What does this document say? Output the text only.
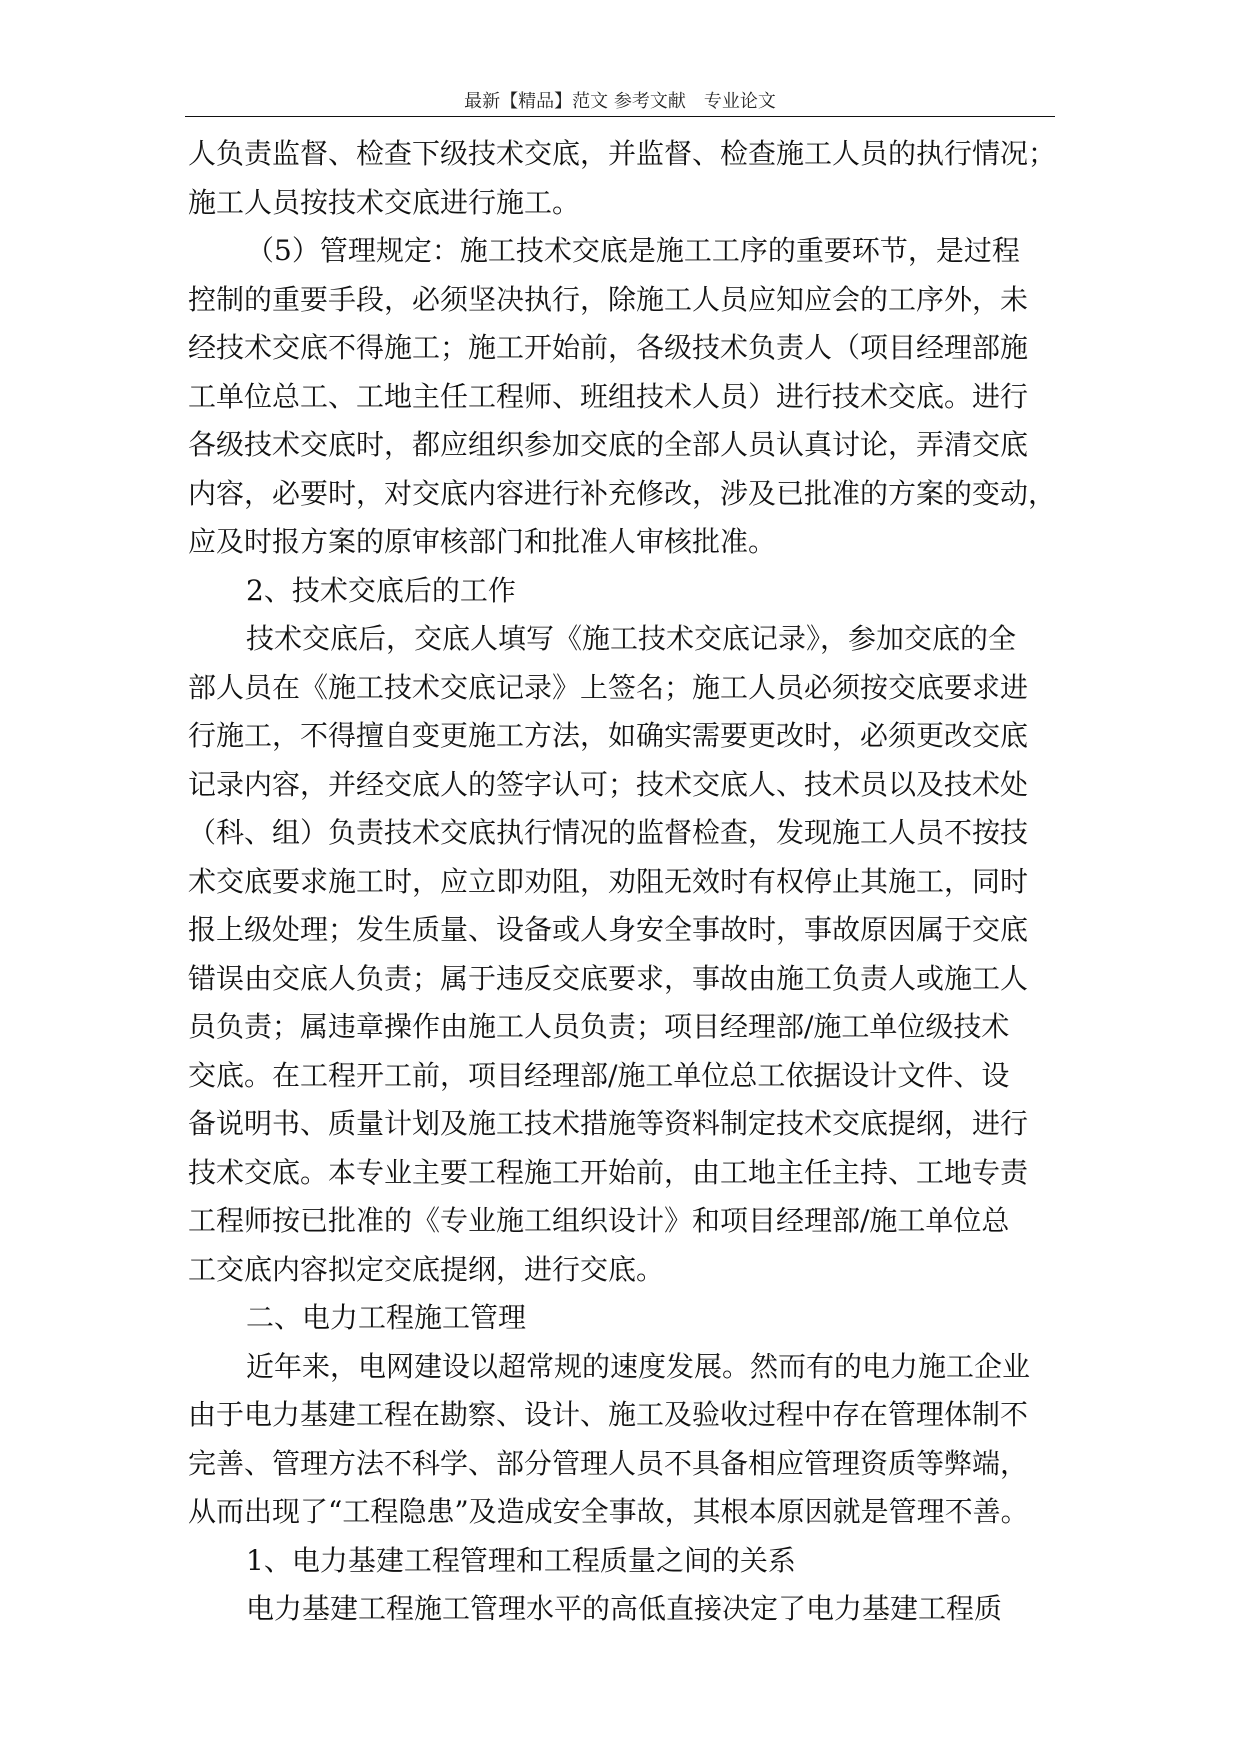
最新【精品】范文 参考文献　专业论文
人负责监督、检查下级技术交底，并监督、检查施工人员的执行情况；
施工人员按技术交底进行施工。
（5）管理规定：施工技术交底是施工工序的重要环节，是过程
控制的重要手段，必须坚决执行，除施工人员应知应会的工序外，未
经技术交底不得施工；施工开始前，各级技术负责人（项目经理部施
工单位总工、工地主任工程师、班组技术人员）进行技术交底。进行
各级技术交底时，都应组织参加交底的全部人员认真讨论，弄清交底
内容，必要时，对交底内容进行补充修改，涉及已批准的方案的变动，
应及时报方案的原审核部门和批准人审核批准。
2、技术交底后的工作
技术交底后，交底人填写《施工技术交底记录》，参加交底的全
部人员在《施工技术交底记录》上签名；施工人员必须按交底要求进
行施工，不得擅自变更施工方法，如确实需要更改时，必须更改交底
记录内容，并经交底人的签字认可；技术交底人、技术员以及技术处
（科、组）负责技术交底执行情况的监督检查，发现施工人员不按技
术交底要求施工时，应立即劝阻，劝阻无效时有权停止其施工，同时
报上级处理；发生质量、设备或人身安全事故时，事故原因属于交底
错误由交底人负责；属于违反交底要求，事故由施工负责人或施工人
员负责；属违章操作由施工人员负责；项目经理部/施工单位级技术
交底。在工程开工前，项目经理部/施工单位总工依据设计文件、设
备说明书、质量计划及施工技术措施等资料制定技术交底提纲，进行
技术交底。本专业主要工程施工开始前，由工地主任主持、工地专责
工程师按已批准的《专业施工组织设计》和项目经理部/施工单位总
工交底内容拟定交底提纲，进行交底。
二、电力工程施工管理
近年来，电网建设以超常规的速度发展。然而有的电力施工企业
由于电力基建工程在勘察、设计、施工及验收过程中存在管理体制不
完善、管理方法不科学、部分管理人员不具备相应管理资质等弊端，
从而出现了“工程隐患”及造成安全事故，其根本原因就是管理不善。
1、电力基建工程管理和工程质量之间的关系
电力基建工程施工管理水平的高低直接决定了电力基建工程质
